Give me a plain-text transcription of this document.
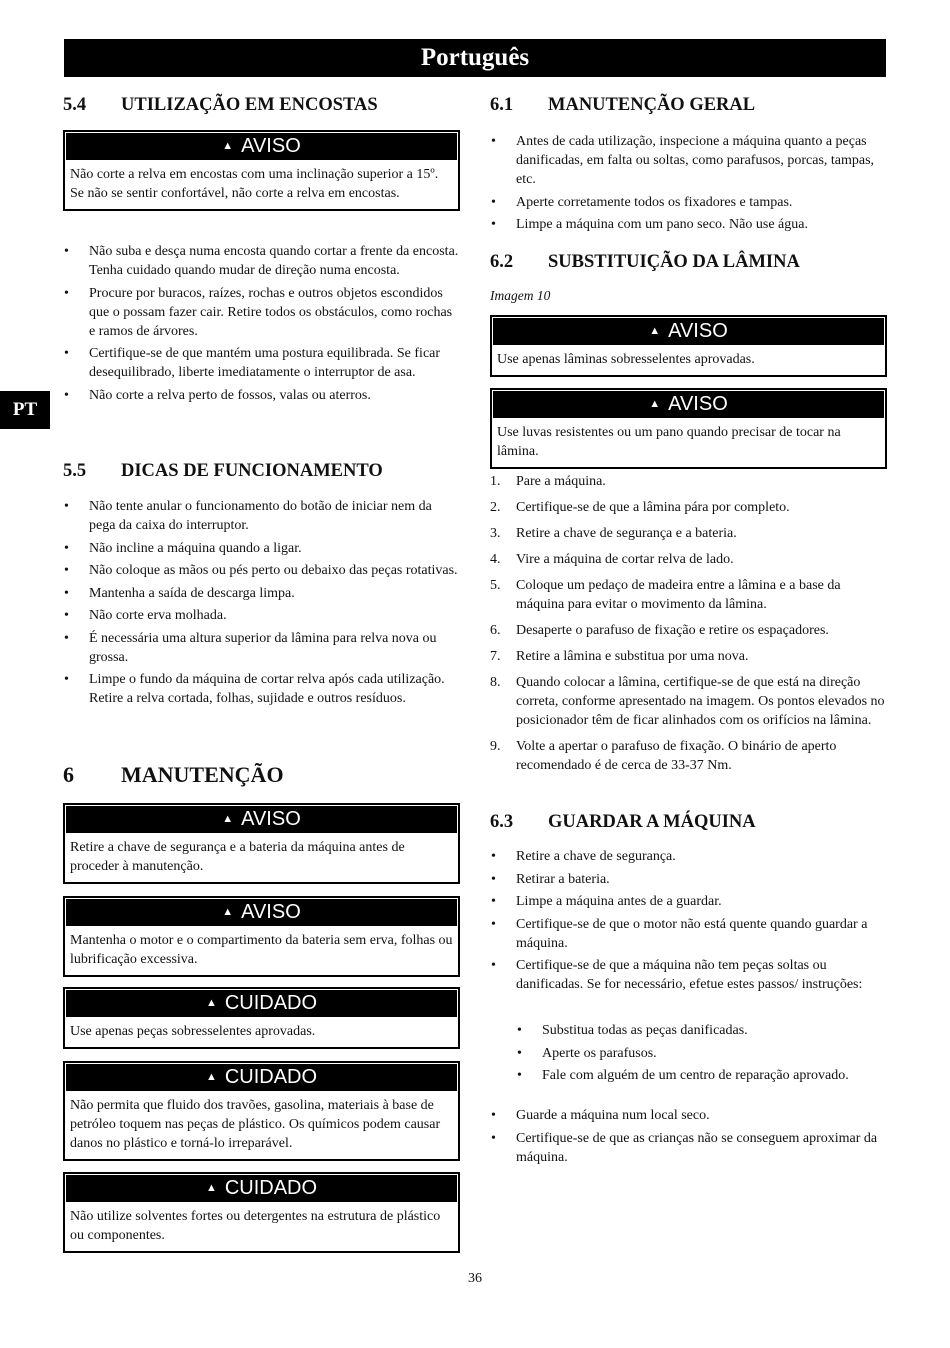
Português
PT
5.4 UTILIZAÇÃO EM ENCOSTAS
▲ AVISO
Não corte a relva em encostas com uma inclinação superior a 15º. Se não se sentir confortável, não corte a relva em encostas.
• Não suba e desça numa encosta quando cortar a frente da encosta. Tenha cuidado quando mudar de direção numa encosta.
• Procure por buracos, raízes, rochas e outros objetos escondidos que o possam fazer cair. Retire todos os obstáculos, como rochas e ramos de árvores.
• Certifique-se de que mantém uma postura equilibrada. Se ficar desequilibrado, liberte imediatamente o interruptor de asa.
• Não corte a relva perto de fossos, valas ou aterros.
5.5 DICAS DE FUNCIONAMENTO
• Não tente anular o funcionamento do botão de iniciar nem da pega da caixa do interruptor.
• Não incline a máquina quando a ligar.
• Não coloque as mãos ou pés perto ou debaixo das peças rotativas.
• Mantenha a saída de descarga limpa.
• Não corte erva molhada.
• É necessária uma altura superior da lâmina para relva nova ou grossa.
• Limpe o fundo da máquina de cortar relva após cada utilização. Retire a relva cortada, folhas, sujidade e outros resíduos.
6 MANUTENÇÃO
▲ AVISO
Retire a chave de segurança e a bateria da máquina antes de proceder à manutenção.
▲ AVISO
Mantenha o motor e o compartimento da bateria sem erva, folhas ou lubrificação excessiva.
▲ CUIDADO
Use apenas peças sobresselentes aprovadas.
▲ CUIDADO
Não permita que fluido dos travões, gasolina, materiais à base de petróleo toquem nas peças de plástico. Os químicos podem causar danos no plástico e torná-lo irreparável.
▲ CUIDADO
Não utilize solventes fortes ou detergentes na estrutura de plástico ou componentes.
6.1 MANUTENÇÃO GERAL
• Antes de cada utilização, inspecione a máquina quanto a peças danificadas, em falta ou soltas, como parafusos, porcas, tampas, etc.
• Aperte corretamente todos os fixadores e tampas.
• Limpe a máquina com um pano seco. Não use água.
6.2 SUBSTITUIÇÃO DA LÂMINA
Imagem 10
▲ AVISO
Use apenas lâminas sobresselentes aprovadas.
▲ AVISO
Use luvas resistentes ou um pano quando precisar de tocar na lâmina.
1. Pare a máquina.
2. Certifique-se de que a lâmina pára por completo.
3. Retire a chave de segurança e a bateria.
4. Vire a máquina de cortar relva de lado.
5. Coloque um pedaço de madeira entre a lâmina e a base da máquina para evitar o movimento da lâmina.
6. Desaperte o parafuso de fixação e retire os espaçadores.
7. Retire a lâmina e substitua por uma nova.
8. Quando colocar a lâmina, certifique-se de que está na direção correta, conforme apresentado na imagem. Os pontos elevados no posicionador têm de ficar alinhados com os orifícios na lâmina.
9. Volte a apertar o parafuso de fixação. O binário de aperto recomendado é de cerca de 33-37 Nm.
6.3 GUARDAR A MÁQUINA
• Retire a chave de segurança.
• Retirar a bateria.
• Limpe a máquina antes de a guardar.
• Certifique-se de que o motor não está quente quando guardar a máquina.
• Certifique-se de que a máquina não tem peças soltas ou danificadas. Se for necessário, efetue estes passos/ instruções:
• Substitua todas as peças danificadas.
• Aperte os parafusos.
• Fale com alguém de um centro de reparação aprovado.
• Guarde a máquina num local seco.
• Certifique-se de que as crianças não se conseguem aproximar da máquina.
36
